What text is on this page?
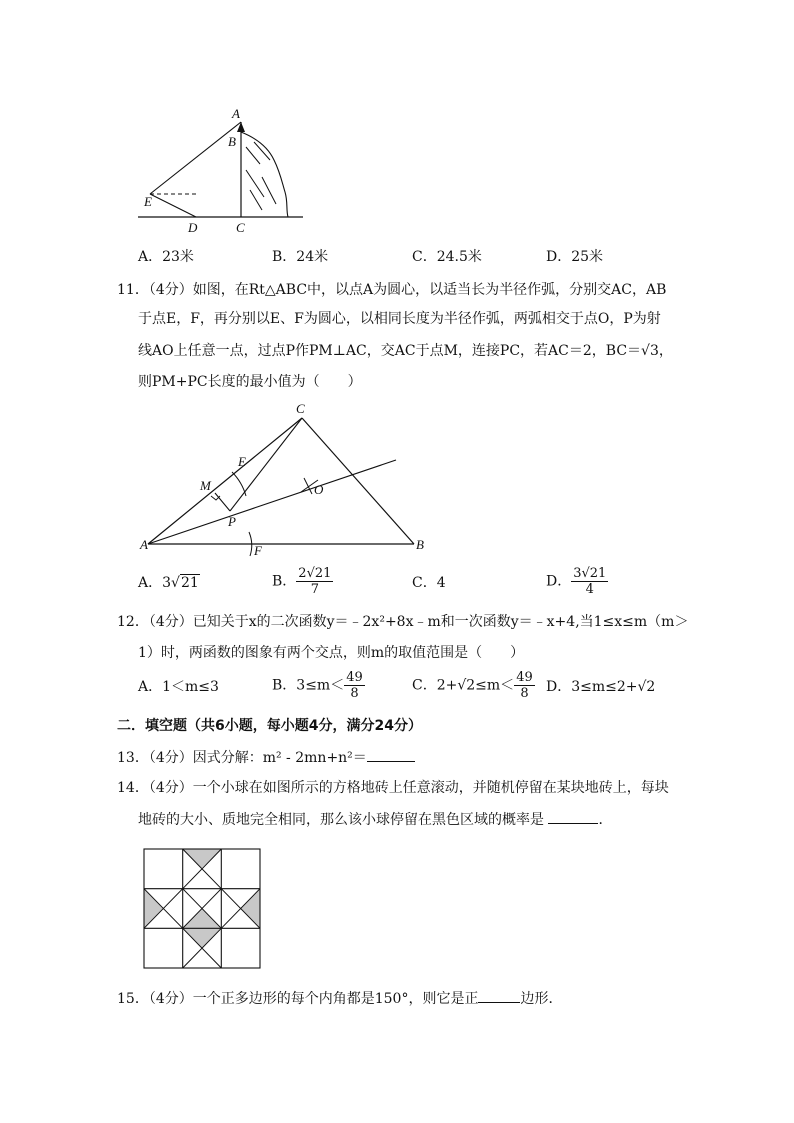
A
B
E
D	C
A．23米	B．24米	C．24.5米	D．25米
11．（4分）如图，在Rt△ABC中，以点A为圆心，以适当长为半径作弧，分别交AC，AB
于点E，F，再分别以E、F为圆心，以相同长度为半径作弧，两弧相交于点O，P为射
线AO上任意一点，过点P作PM⊥AC，交AC于点M，连接PC，若AC＝2，BC＝√3，
则PM+PC长度的最小值为（　　）
C
E
M	O
P
A	F	B
A．3√21	B． $\frac{2√21}{7}$	C．4	D． $\frac{3√21}{4}$
12．（4分）已知关于x的二次函数y＝﹣2x²+8x﹣m和一次函数y＝﹣x+4,当1≤x≤m（m＞
1）时，两函数的图象有两个交点，则m的取值范围是（　　）
A．1＜m≤3	B．$3\le m< \frac{49}{8}$	C．$2+√2\le m< \frac{49}{8}$ D．3≤m≤2+√2
二．填空题（共6小题，每小题4分，满分24分）
13．（4分）因式分解：m² - 2mn+n²＝
14．（4分）一个小球在如图所示的方格地砖上任意滚动，并随机停留在某块地砖上，每块
地砖的大小、质地完全相同，那么该小球停留在黑色区域的概率是	．
15．（4分）一个正多边形的每个内角都是150°，则它是正	边形．
